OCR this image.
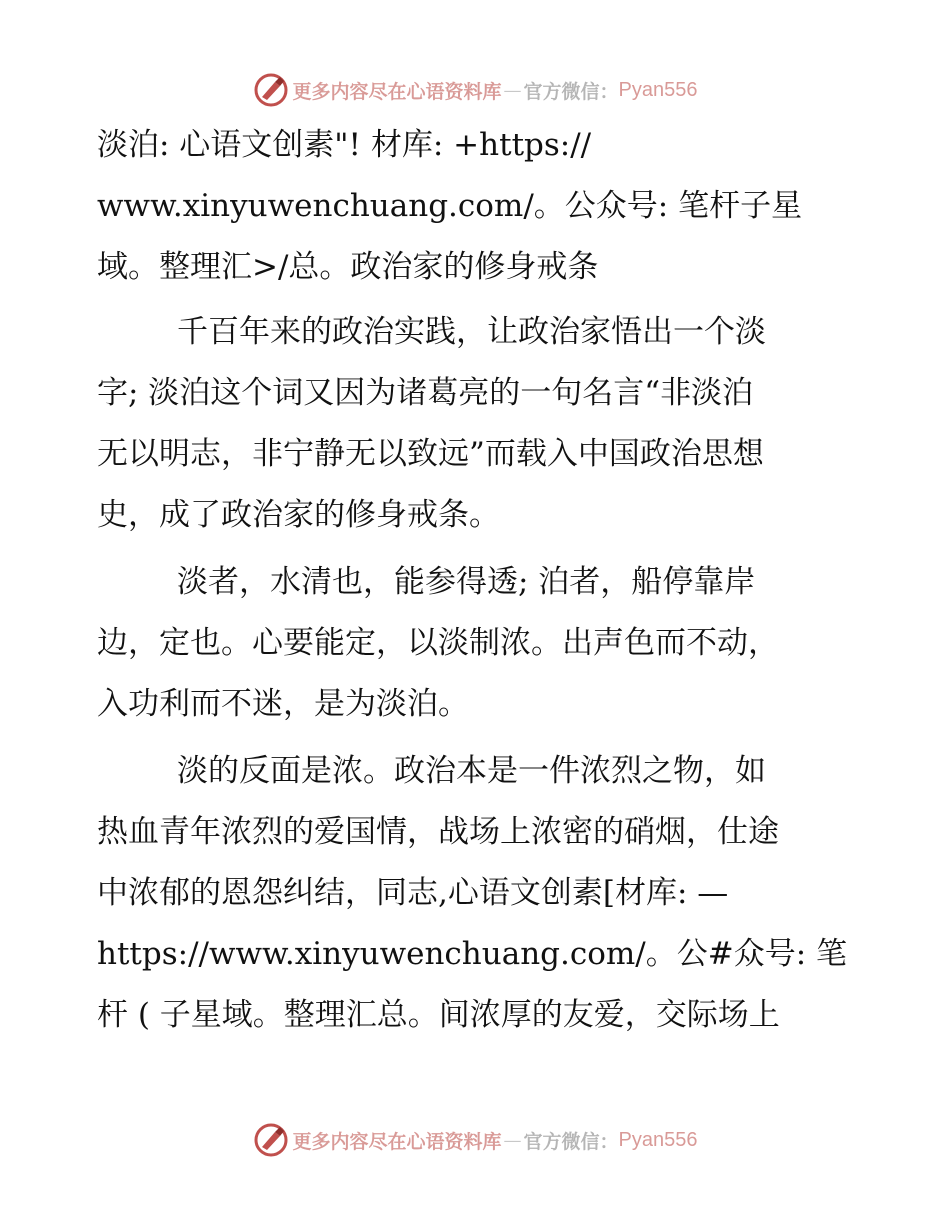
更多内容尽在心语资料库 — 官方微信： Pyan556

淡泊: 心语文创素"! 材库: +https://
www.xinyuwenchuang.com/。公众号: 笔杆子星
域。整理汇>/总。政治家的修身戒条

千百年来的政治实践，让政治家悟出一个淡
字; 淡泊这个词又因为诸葛亮的一句名言“非淡泊
无以明志，非宁静无以致远”而载入中国政治思想
史，成了政治家的修身戒条。

淡者，水清也，能参得透; 泊者，船停靠岸
边，定也。心要能定，以淡制浓。出声色而不动，
入功利而不迷，是为淡泊。

淡的反面是浓。政治本是一件浓烈之物，如
热血青年浓烈的爱国情，战场上浓密的硝烟，仕途
中浓郁的恩怨纠结，同志,心语文创素[材库: —
https://www.xinyuwenchuang.com/。公#众号: 笔
杆 ( 子星域。整理汇总。间浓厚的友爱，交际场上

更多内容尽在心语资料库 — 官方微信： Pyan556
